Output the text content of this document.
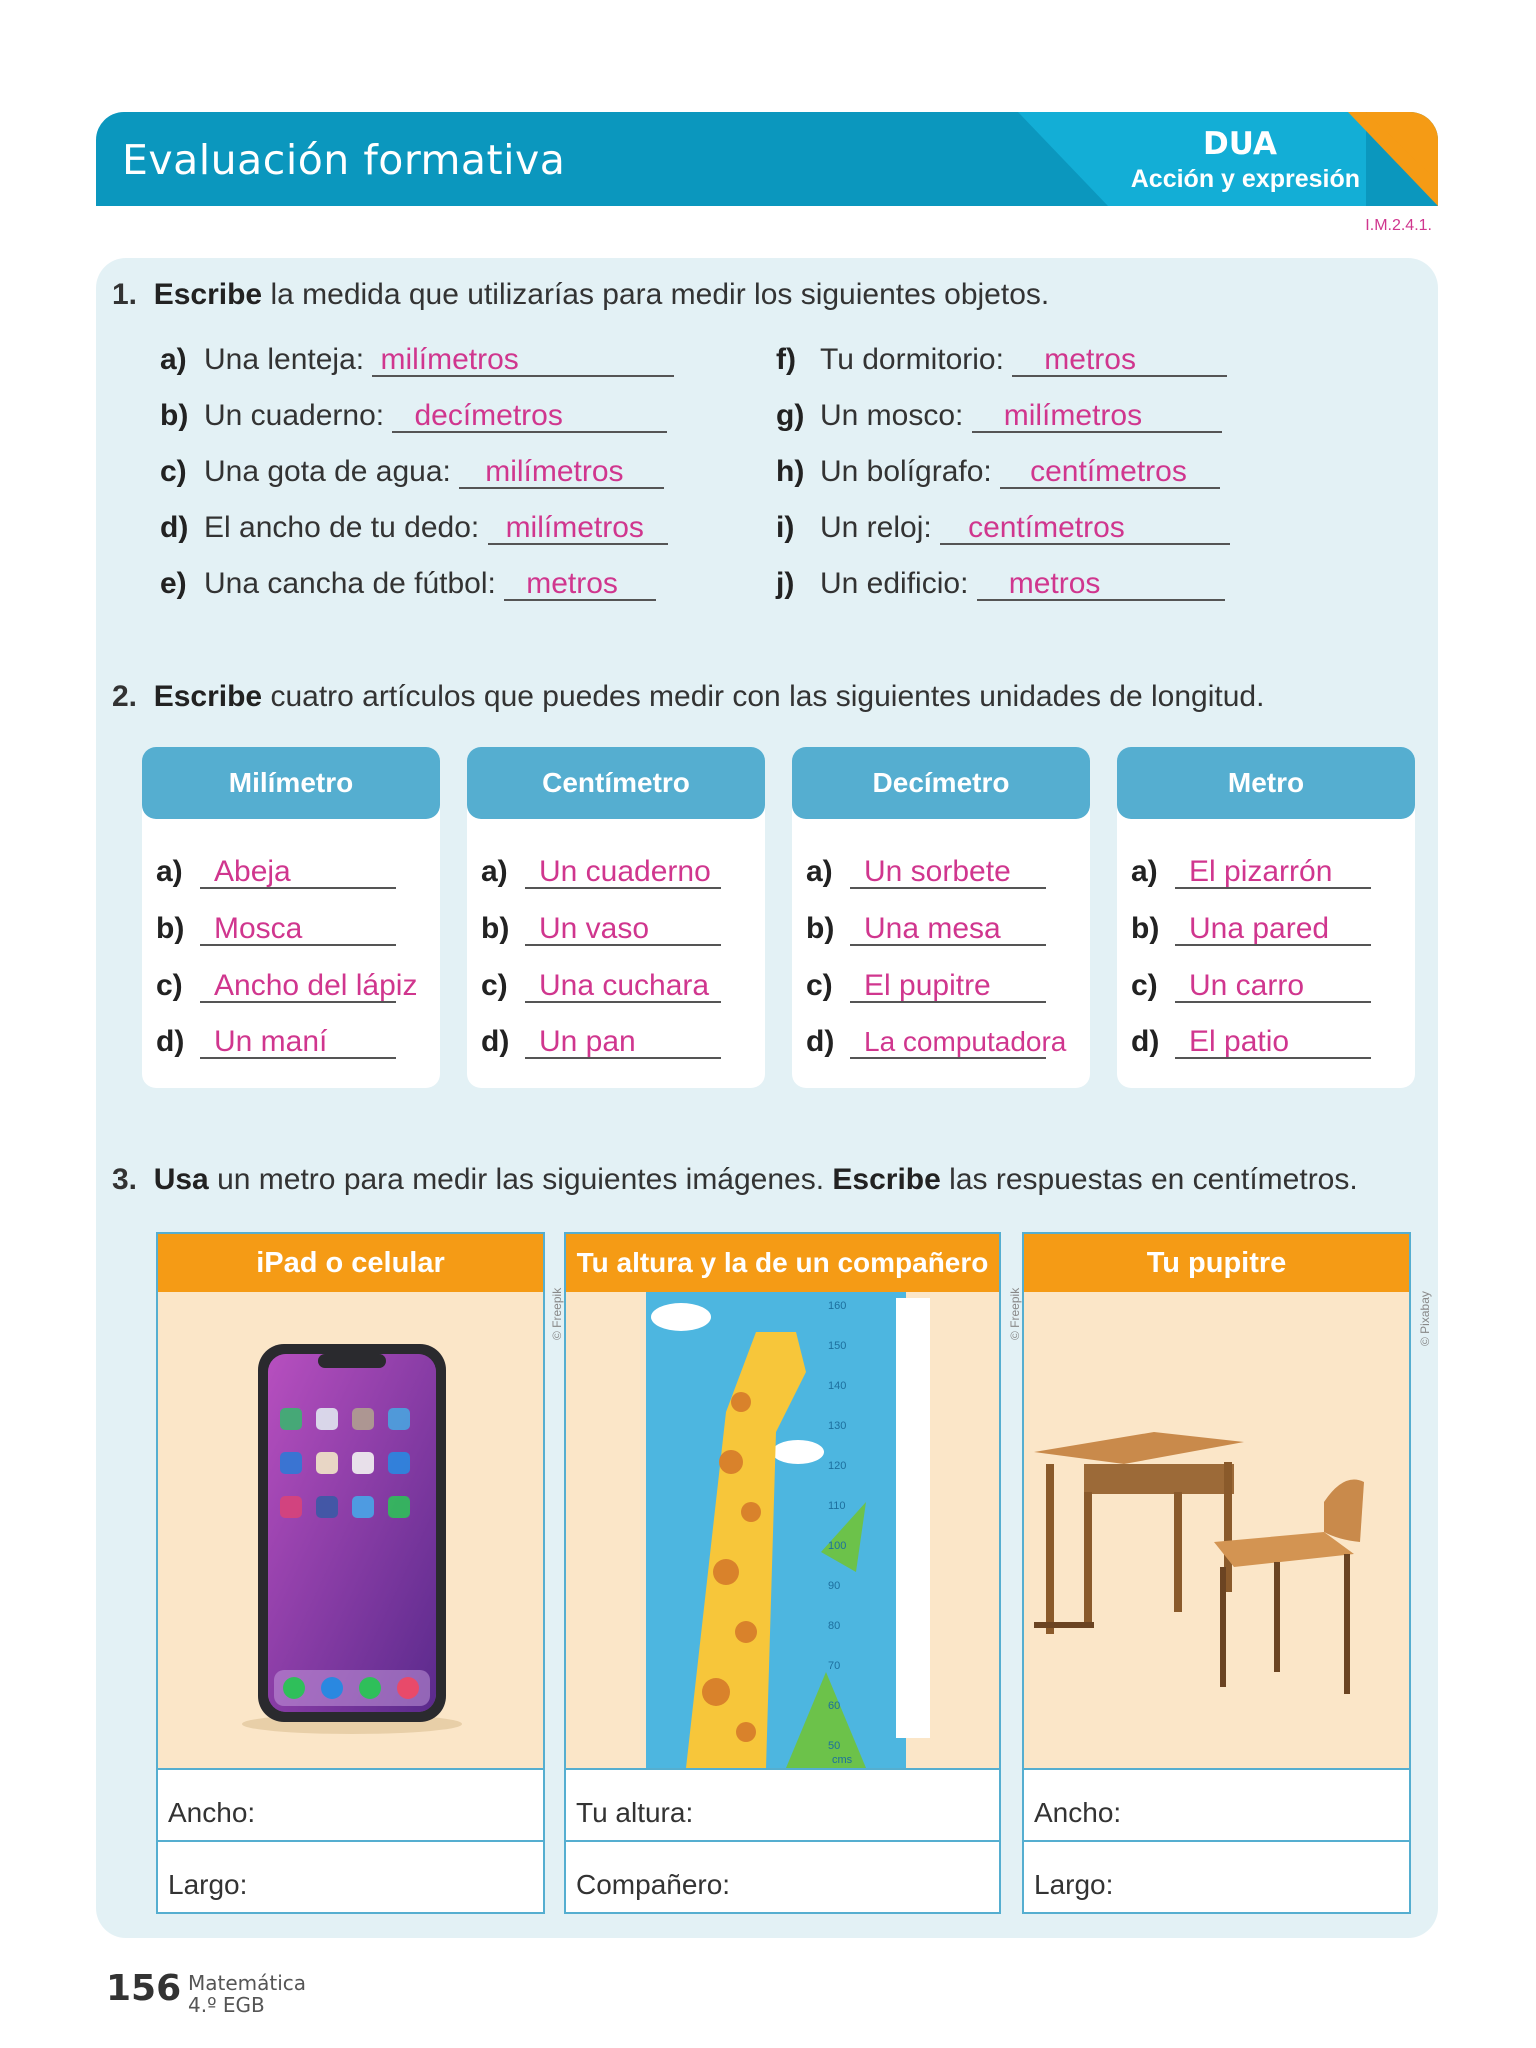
Evaluación formativa	DUA
Acción y expresión
I.M.2.4.1.
1. Escribe la medida que utilizarías para medir los siguientes objetos.
a) Una lenteja: milímetros
b) Un cuaderno: decímetros
c) Una gota de agua: milímetros
d) El ancho de tu dedo: milímetros
e) Una cancha de fútbol: metros
f) Tu dormitorio: metros
g) Un mosco: milímetros
h) Un bolígrafo: centímetros
i) Un reloj: centímetros
j) Un edificio: metros
2. Escribe cuatro artículos que puedes medir con las siguientes unidades de longitud.
Milímetro
a) Abeja
b) Mosca
c) Ancho del lápiz
d) Un maní
Centímetro
a) Un cuaderno
b) Un vaso
c) Una cuchara
d) Un pan
Decímetro
a) Un sorbete
b) Una mesa
c) El pupitre
d) La computadora
Metro
a) El pizarrón
b) Una pared
c) Un carro
d) El patio
3. Usa un metro para medir las siguientes imágenes. Escribe las respuestas en centímetros.
iPad o celular
Ancho:
Largo:
© Freepik
Tu altura y la de un compañero
160
150
140
130
120
110
100
90
80
70
60
50
cms
Tu altura:
Compañero:
© Freepik
Tu pupitre
Ancho:
Largo:
© Pixabay
156 Matemática
4.º EGB
